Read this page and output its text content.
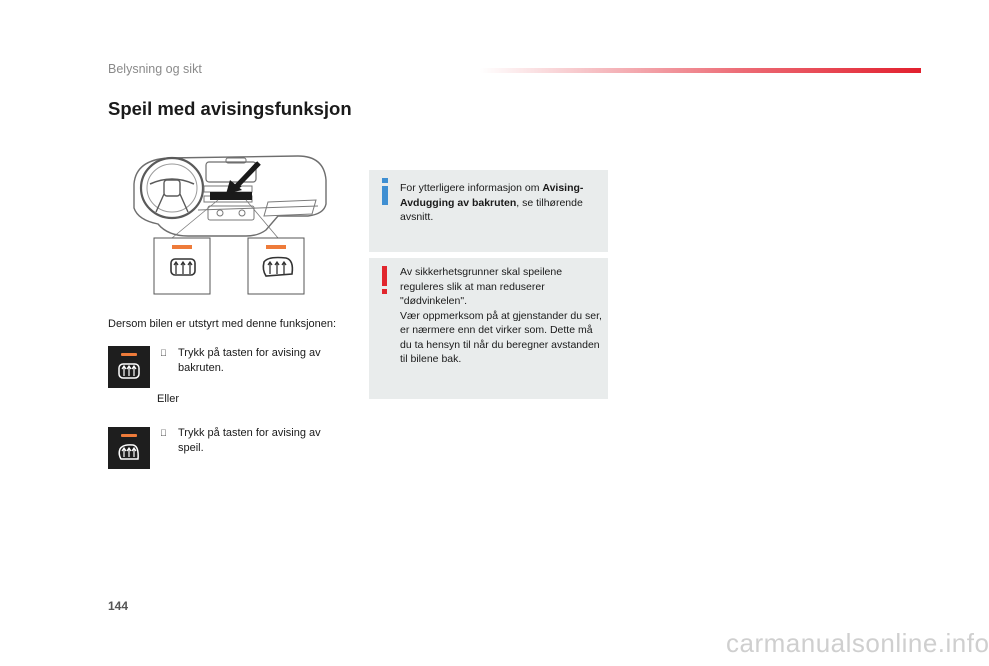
Belysning og sikt
Speil med avisingsfunksjon
Dersom bilen er utstyrt med denne funksjonen:
Trykk på tasten for avising av bakruten.
Eller
Trykk på tasten for avising av speil.
For ytterligere informasjon om Avising-Avdugging av bakruten, se tilhørende avsnitt.
Av sikkerhetsgrunner skal speilene reguleres slik at man reduserer "dødvinkelen".
Vær oppmerksom på at gjenstander du ser, er nærmere enn det virker som. Dette må du ta hensyn til når du beregner avstanden til bilene bak.
144
carmanualsonline.info
